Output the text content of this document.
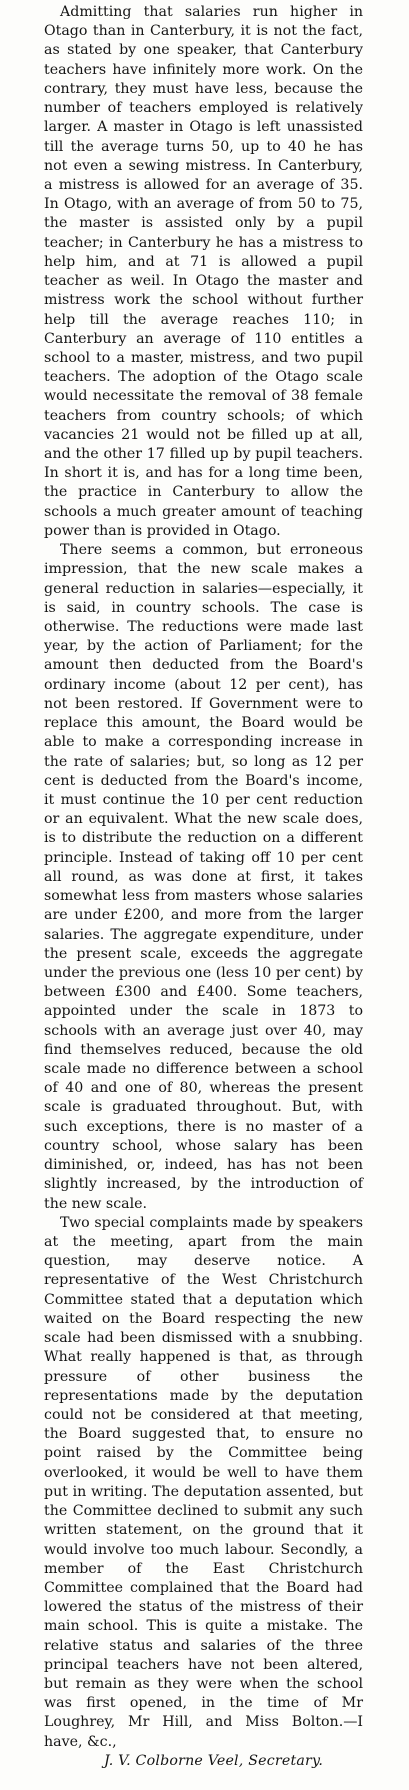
Admitting that salaries run higher in Otago than in Canterbury, it is not the fact, as stated by one speaker, that Canterbury teachers have infinitely more work. On the contrary, they must have less, because the number of teachers employed is relatively larger. A master in Otago is left unassisted till the average turns 50, up to 40 he has not even a sewing mistress. In Canterbury, a mistress is allowed for an average of 35. In Otago, with an average of from 50 to 75, the master is assisted only by a pupil teacher; in Canterbury he has a mistress to help him, and at 71 is allowed a pupil teacher as weil. In Otago the master and mistress work the school without further help till the average reaches 110; in Canterbury an average of 110 entitles a school to a master, mistress, and two pupil teachers. The adoption of the Otago scale would necessitate the removal of 38 female teachers from country schools; of which vacancies 21 would not be filled up at all, and the other 17 filled up by pupil teachers. In short it is, and has for a long time been, the practice in Canterbury to allow the schools a much greater amount of teaching power than is provided in Otago.

There seems a common, but erroneous impression, that the new scale makes a general reduction in salaries—especially, it is said, in country schools. The case is otherwise. The reductions were made last year, by the action of Parliament; for the amount then deducted from the Board's ordinary income (about 12 per cent), has not been restored. If Government were to replace this amount, the Board would be able to make a corresponding increase in the rate of salaries; but, so long as 12 per cent is deducted from the Board's income, it must continue the 10 per cent reduction or an equivalent. What the new scale does, is to distribute the reduction on a different principle. Instead of taking off 10 per cent all round, as was done at first, it takes somewhat less from masters whose salaries are under £200, and more from the larger salaries. The aggregate expenditure, under the present scale, exceeds the aggregate under the previous one (less 10 per cent) by between £300 and £400. Some teachers, appointed under the scale in 1873 to schools with an average just over 40, may find themselves reduced, because the old scale made no difference between a school of 40 and one of 80, whereas the present scale is graduated throughout. But, with such exceptions, there is no master of a country school, whose salary has been diminished, or, indeed, has has not been slightly increased, by the introduction of the new scale.

Two special complaints made by speakers at the meeting, apart from the main question, may deserve notice. A representative of the West Christchurch Committee stated that a deputation which waited on the Board respecting the new scale had been dismissed with a snubbing. What really happened is that, as through pressure of other business the representations made by the deputation could not be considered at that meeting, the Board suggested that, to ensure no point raised by the Committee being overlooked, it would be well to have them put in writing. The deputation assented, but the Committee declined to submit any such written statement, on the ground that it would involve too much labour. Secondly, a member of the East Christchurch Committee complained that the Board had lowered the status of the mistress of their main school. This is quite a mistake. The relative status and salaries of the three principal teachers have not been altered, but remain as they were when the school was first opened, in the time of Mr Loughrey, Mr Hill, and Miss Bolton.—I have, &c.,

J. V. Colborne Veel, Secretary.
